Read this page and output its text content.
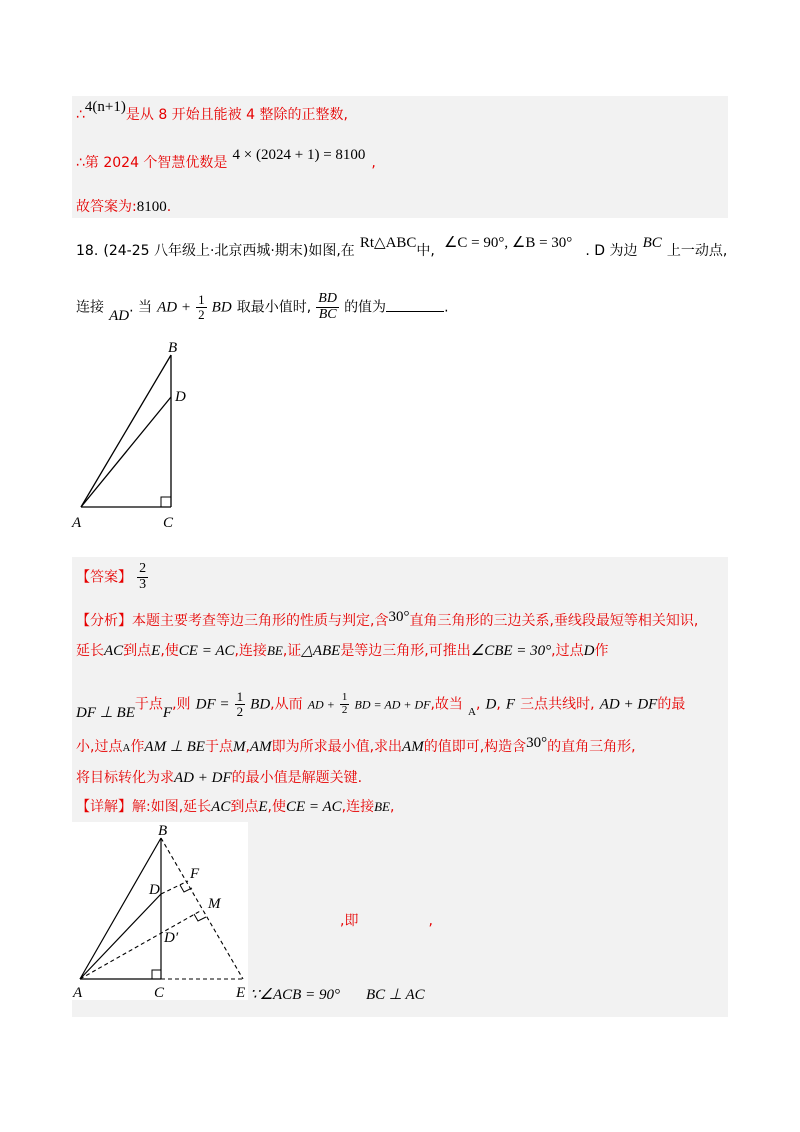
∴4(n+1)是从 8 开始且能被 4 整除的正整数,
∴第 2024 个智慧优数是 4 × (2024 + 1) = 8100 ,
故答案为:8100.
18. (24-25 八年级上·北京西城·期末)如图,在 Rt△ABC中, ∠C = 90°, ∠B = 30° . D 为边 BC 上一动点,
连接 AD. 当 AD + $\frac{1}{2}$ BD 取最小值时, $\frac{BD}{BC}$ 的值为	.
B
D
A	C
【答案】 $\frac{2}{3}$
【分析】本题主要考查等边三角形的性质与判定,含30°直角三角形的三边关系,垂线段最短等相关知识,
延长AC到点E,使CE = AC,连接BE,证△ABE是等边三角形,可推出∠CBE = 30°,过点D作
DF ⊥ BE于点F,则 DF = $\frac{1}{2}$ BD,从而 AD + $\frac{1}{2}$ BD = AD + DF,故当 $_A$, D, F 三点共线时, AD + DF的最
小,过点A作AM ⊥ BE于点M,AM即为所求最小值,求出AM的值即可,构造含30°的直角三角形,
将目标转化为求AD + DF的最小值是解题关键.
【详解】解:如图,延长AC到点E,使CE = AC,连接BE,
B
F
D
M
D′
A	C	E
,即	,
∵∠ACB = 90° BC ⊥ AC
